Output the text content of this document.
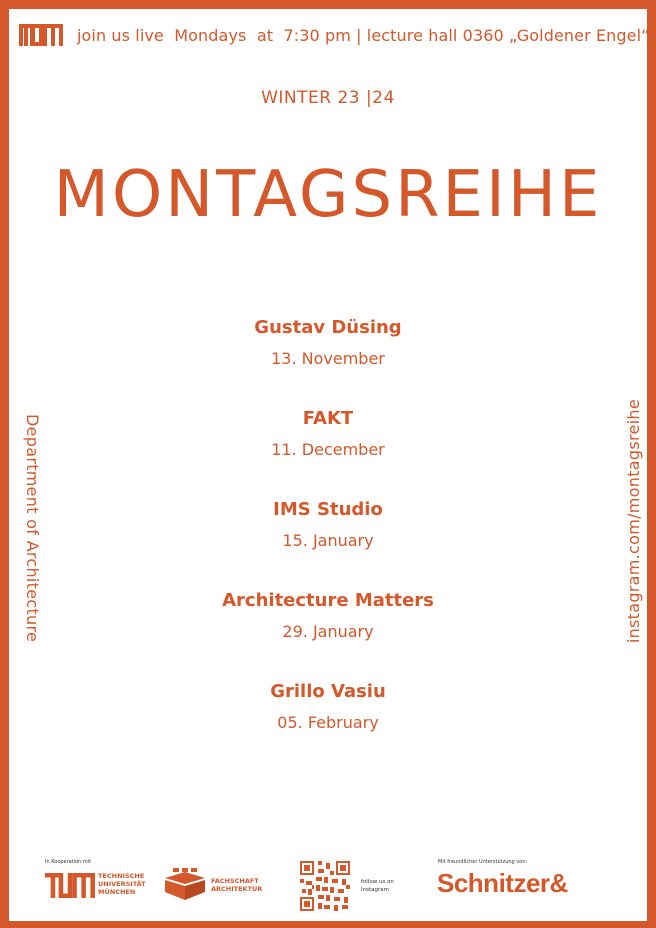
join us live  Mondays  at  7:30 pm | lecture hall 0360 „Goldener Engel“
WINTER 23 |24
MONTAGSREIHE
Gustav Düsing
13. November
FAKT
11. December
IMS Studio
15. January
Architecture Matters
29. January
Grillo Vasiu
05. February
Department of Architecture	instagram.com/montagsreihe
In Kooperation mit
TECHNISCHE
UNIVERSITÄT
MÜNCHEN
FACHSCHAFT
ARCHITEKTUR
follow us on
Instagram
Mit freundlicher Unterstützung von:
Schnitzer&
